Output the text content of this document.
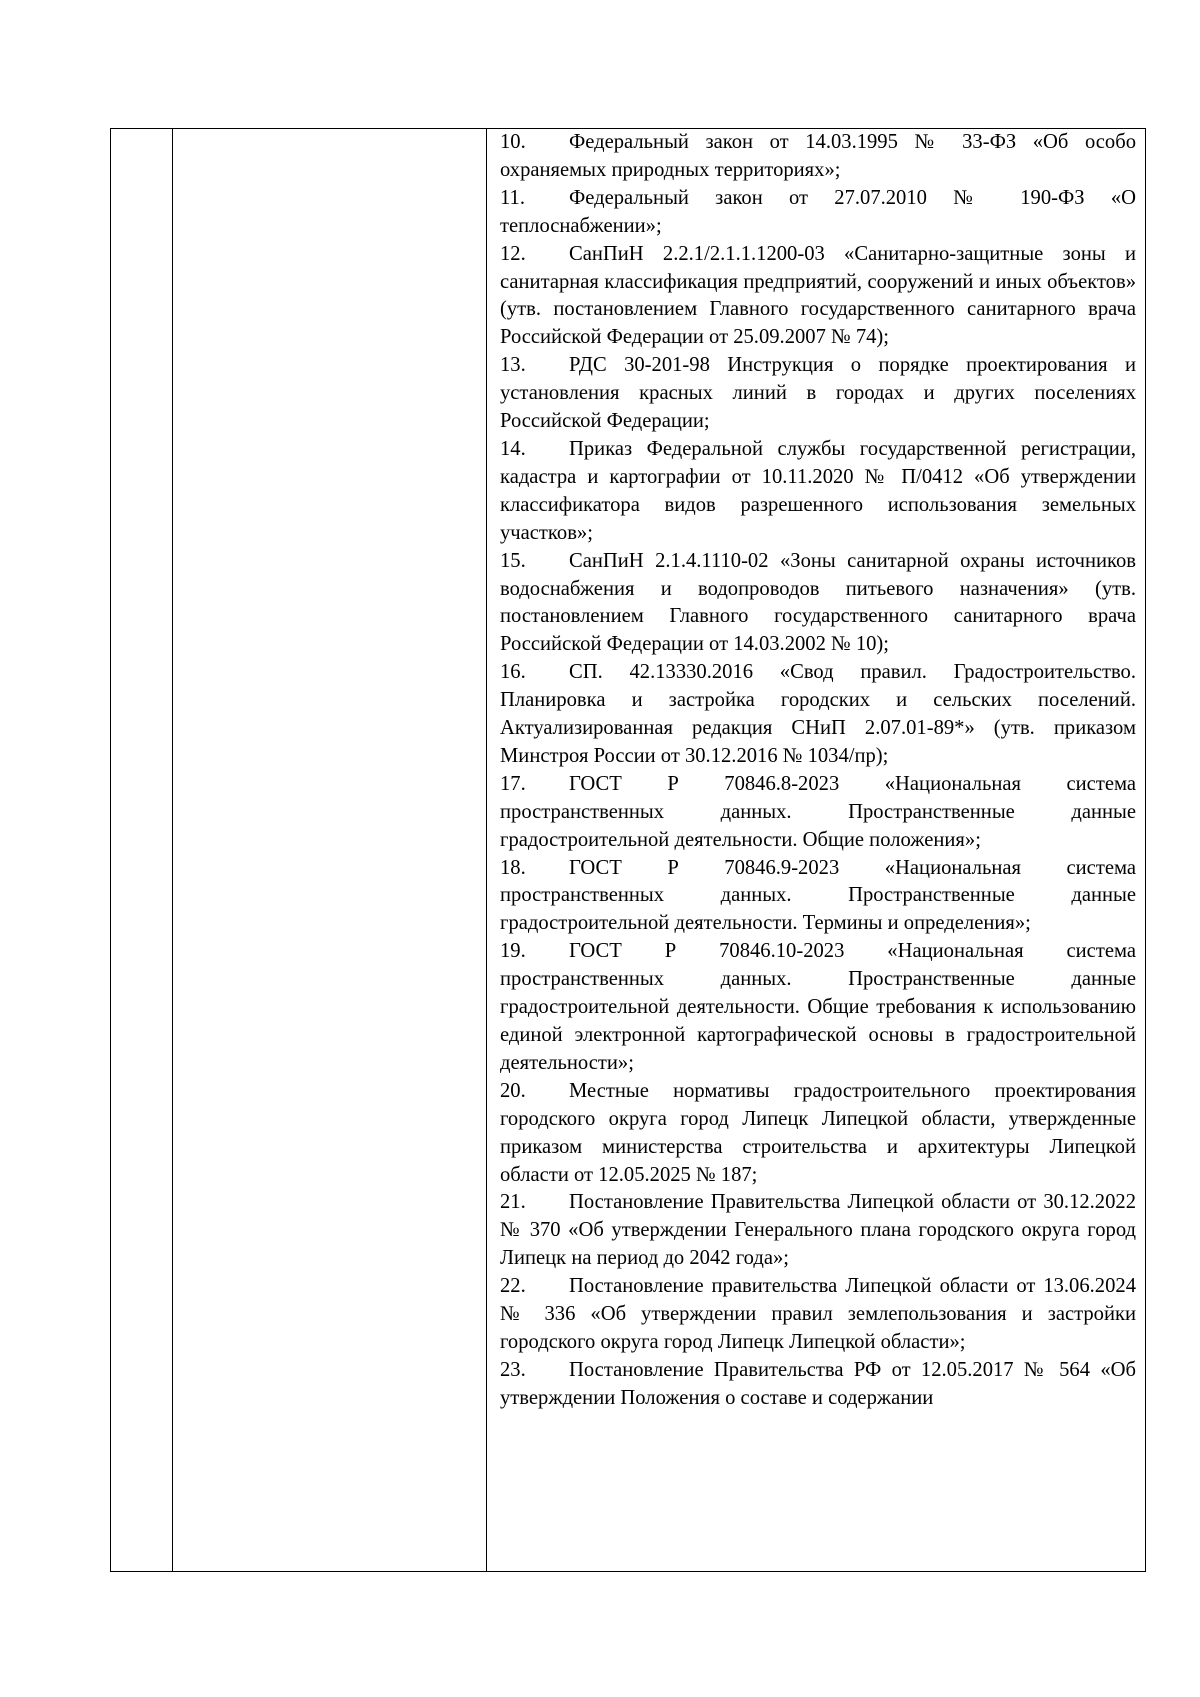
10. Федеральный закон от 14.03.1995 № 33-ФЗ «Об особо охраняемых природных территориях»;

11. Федеральный закон от 27.07.2010 № 190-ФЗ «О теплоснабжении»;

12. СанПиН 2.2.1/2.1.1.1200-03 «Санитарно-защитные зоны и санитарная классификация предприятий, сооружений и иных объектов» (утв. постановлением Главного государственного санитарного врача Российской Федерации от 25.09.2007 № 74);

13. РДС 30-201-98 Инструкция о порядке проектирования и установления красных линий в городах и других поселениях Российской Федерации;

14. Приказ Федеральной службы государственной регистрации, кадастра и картографии от 10.11.2020 № П/0412 «Об утверждении классификатора видов разрешенного использования земельных участков»;

15. СанПиН 2.1.4.1110-02 «Зоны санитарной охраны источников водоснабжения и водопроводов питьевого назначения» (утв. постановлением Главного государственного санитарного врача Российской Федерации от 14.03.2002 № 10);

16. СП. 42.13330.2016 «Свод правил. Градостроительство. Планировка и застройка городских и сельских поселений. Актуализированная редакция СНиП 2.07.01-89*» (утв. приказом Минстроя России от 30.12.2016 № 1034/пр);

17. ГОСТ Р 70846.8-2023 «Национальная система пространственных данных. Пространственные данные градостроительной деятельности. Общие положения»;

18. ГОСТ Р 70846.9-2023 «Национальная система пространственных данных. Пространственные данные градостроительной деятельности. Термины и определения»;

19. ГОСТ Р 70846.10-2023 «Национальная система пространственных данных. Пространственные данные градостроительной деятельности. Общие требования к использованию единой электронной картографической основы в градостроительной деятельности»;

20. Местные нормативы градостроительного проектирования городского округа город Липецк Липецкой области, утвержденные приказом министерства строительства и архитектуры Липецкой области от 12.05.2025 № 187;

21. Постановление Правительства Липецкой области от 30.12.2022 № 370 «Об утверждении Генерального плана городского округа город Липецк на период до 2042 года»;

22. Постановление правительства Липецкой области от 13.06.2024 № 336 «Об утверждении правил землепользования и застройки городского округа город Липецк Липецкой области»;

23. Постановление Правительства РФ от 12.05.2017 № 564 «Об утверждении Положения о составе и содержании
